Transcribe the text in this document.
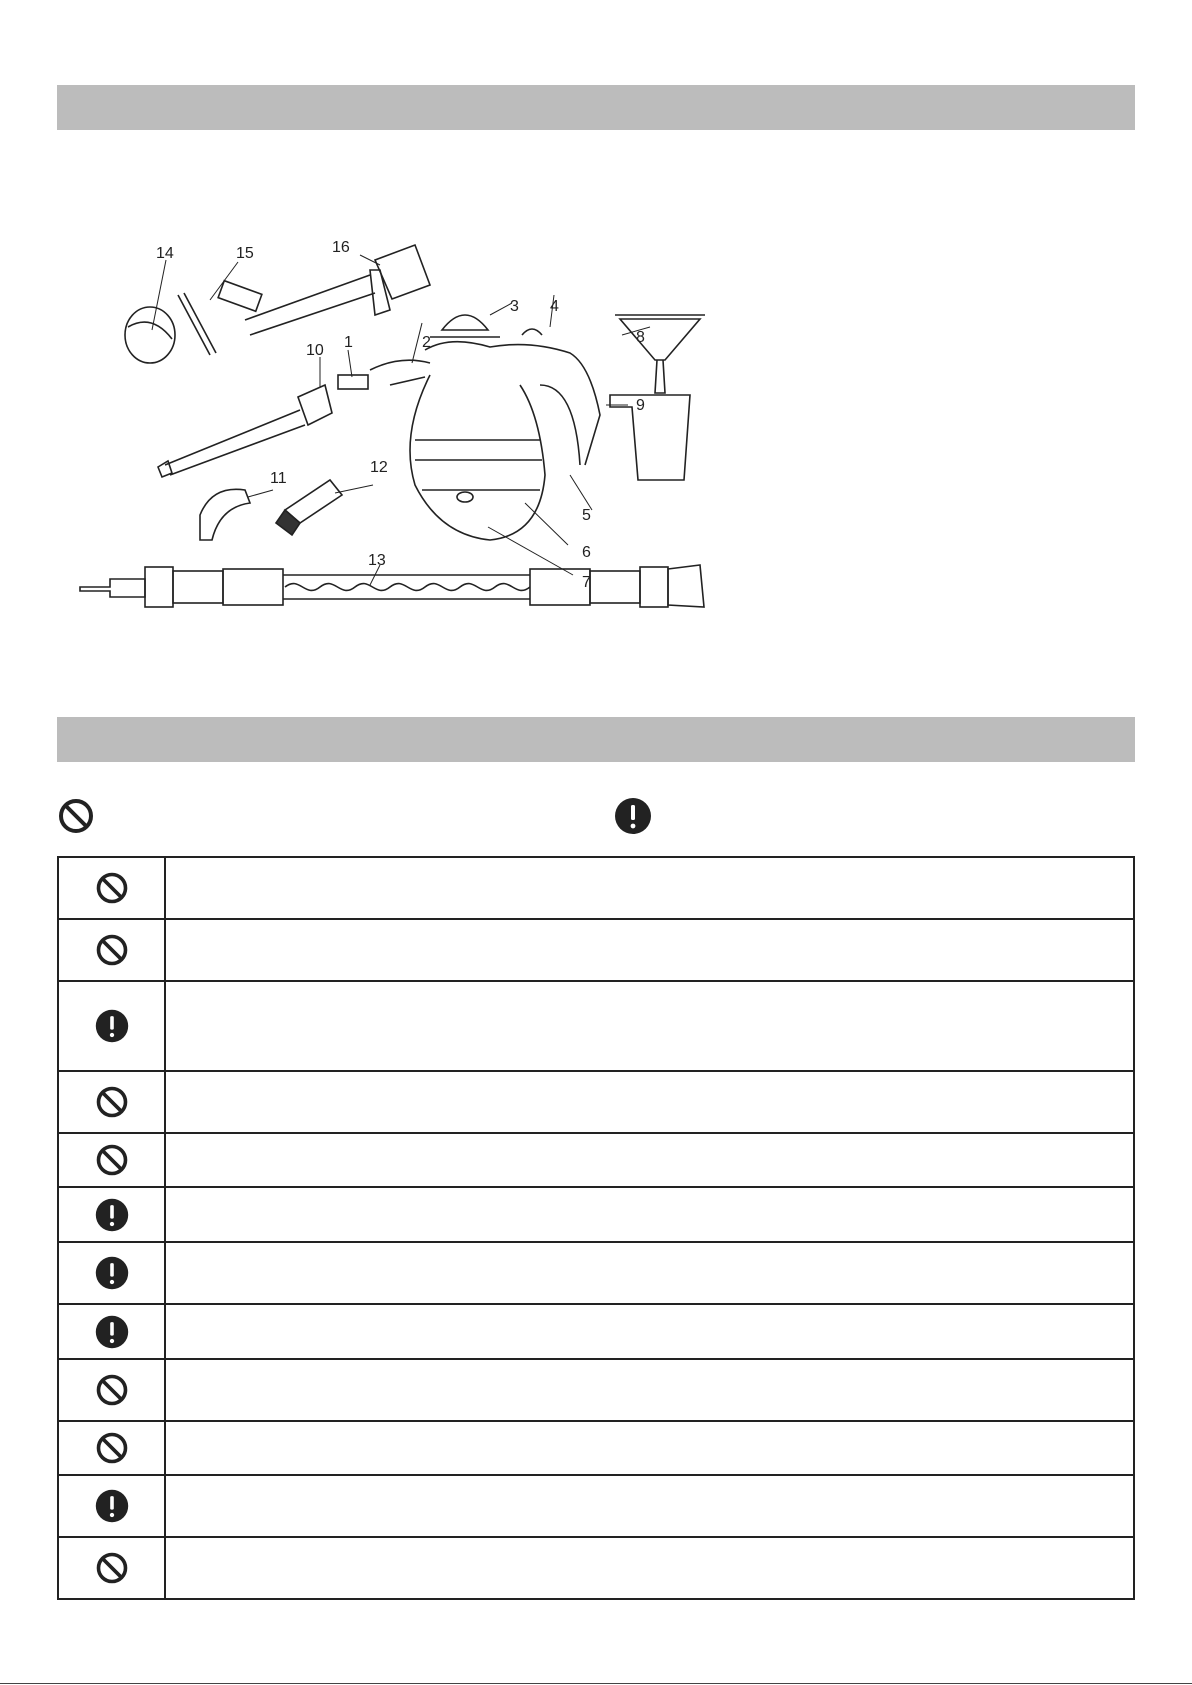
14	15	16
3 4
2
1
10
8
9
11
12
5
6
7
13
